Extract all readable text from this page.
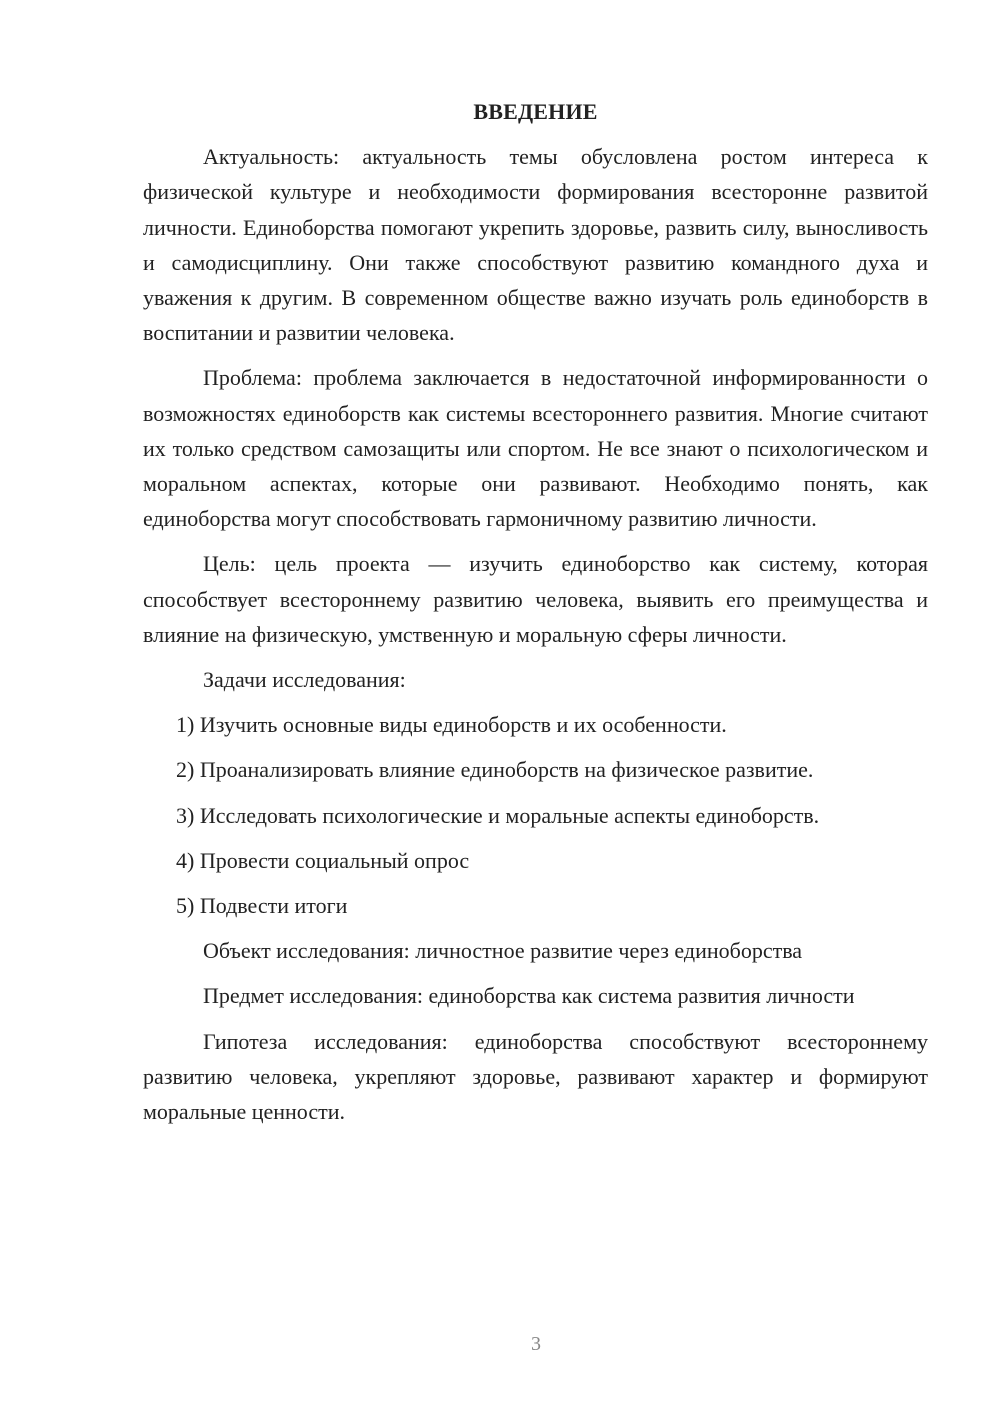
ВВЕДЕНИЕ

Актуальность: актуальность темы обусловлена ростом интереса к физической культуре и необходимости формирования всесторонне развитой личности. Единоборства помогают укрепить здоровье, развить силу, выносливость и самодисциплину. Они также способствуют развитию командного духа и уважения к другим. В современном обществе важно изучать роль единоборств в воспитании и развитии человека.

Проблема: проблема заключается в недостаточной информированности о возможностях единоборств как системы всестороннего развития. Многие считают их только средством самозащиты или спортом. Не все знают о психологическом и моральном аспектах, которые они развивают. Необходимо понять, как единоборства могут способствовать гармоничному развитию личности.

Цель: цель проекта — изучить единоборство как систему, которая способствует всестороннему развитию человека, выявить его преимущества и влияние на физическую, умственную и моральную сферы личности.

Задачи исследования:

1) Изучить основные виды единоборств и их особенности.
2) Проанализировать влияние единоборств на физическое развитие.
3) Исследовать психологические и моральные аспекты единоборств.
4) Провести социальный опрос
5) Подвести итоги

Объект исследования: личностное развитие через единоборства

Предмет исследования: единоборства как система развития личности

Гипотеза исследования: единоборства способствуют всестороннему развитию человека, укрепляют здоровье, развивают характер и формируют моральные ценности.

3
